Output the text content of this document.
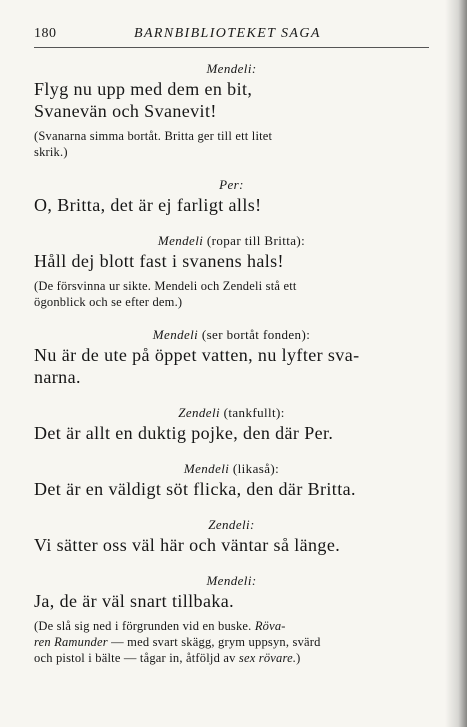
180	BARNBIBLIOTEKET SAGA

Mendeli:

Flyg nu upp med dem en bit,

Svanevän och Svanevit!

(Svanarna simma bortåt. Britta ger till ett litet
skrik.)

Per:

O, Britta, det är ej farligt alls!

Mendeli (ropar till Britta):

Håll dej blott fast i svanens hals!

(De försvinna ur sikte. Mendeli och Zendeli stå ett
ögonblick och se efter dem.)

Mendeli (ser bortåt fonden):

Nu är de ute på öppet vatten, nu lyfter sva-

narna.

Zendeli (tankfullt):

Det är allt en duktig pojke, den där Per.

Mendeli (likaså):

Det är en väldigt söt flicka, den där Britta.

Zendeli:

Vi sätter oss väl här och väntar så länge.

Mendeli:

Ja, de är väl snart tillbaka.

(De slå sig ned i förgrunden vid en buske. Röva-
ren Ramunder — med svart skägg, grym uppsyn, svärd
och pistol i bälte — tågar in, åtföljd av sex rövare.)
